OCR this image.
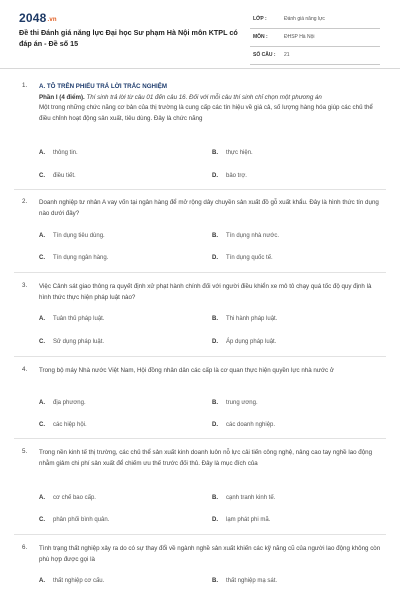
2048.vn
Đề thi Đánh giá năng lực Đại học Sư phạm Hà Nội môn KTPL có đáp án - Đề số 15
LỚP :	Đánh giá năng lực
MÔN :	ĐHSP Hà Nội
SỐ CÂU : 21
1. A. TÔ TRÊN PHIẾU TRẢ LỜI TRẮC NGHIỆM
Phần I (4 điểm). Thí sinh trả lời từ câu 01 đến câu 16. Đối với mỗi câu thí sinh chỉ chọn một phương án
Một trong những chức năng cơ bản của thị trường là cung cấp các tín hiệu về giá cả, số lượng hàng hóa giúp các chủ thể điều chỉnh hoạt động sản xuất, tiêu dùng. Đây là chức năng
A. thông tin.	B. thực hiện.
C. điều tiết.	D. bảo trợ.
2. Doanh nghiệp tư nhân A vay vốn tại ngân hàng để mở rộng dây chuyền sản xuất đồ gỗ xuất khẩu. Đây là hình thức tín dụng nào dưới đây?
A. Tín dụng tiêu dùng.	B. Tín dụng nhà nước.
C. Tín dụng ngân hàng.	D. Tín dụng quốc tế.
3. Việc Cảnh sát giao thông ra quyết định xử phạt hành chính đối với người điều khiển xe mô tô chạy quá tốc độ quy định là hình thức thực hiện pháp luật nào?
A. Tuân thủ pháp luật.	B. Thi hành pháp luật.
C. Sử dụng pháp luật.	D. Áp dụng pháp luật.
4. Trong bộ máy Nhà nước Việt Nam, Hội đồng nhân dân các cấp là cơ quan thực hiện quyền lực nhà nước ở
A. địa phương.	B. trung ương.
C. các hiệp hội.	D. các doanh nghiệp.
5. Trong nền kinh tế thị trường, các chủ thể sản xuất kinh doanh luôn nỗ lực cải tiến công nghệ, nâng cao tay nghề lao động nhằm giảm chi phí sản xuất để chiếm ưu thế trước đối thủ. Đây là mục đích của
A. cơ chế bao cấp.	B. cạnh tranh kinh tế.
C. phân phối bình quân.	D. lạm phát phi mã.
6. Tình trạng thất nghiệp xảy ra do có sự thay đổi về ngành nghề sản xuất khiến các kỹ năng cũ của người lao động không còn phù hợp được gọi là
A. thất nghiệp cơ cấu.	B. thất nghiệp mạ sát.
